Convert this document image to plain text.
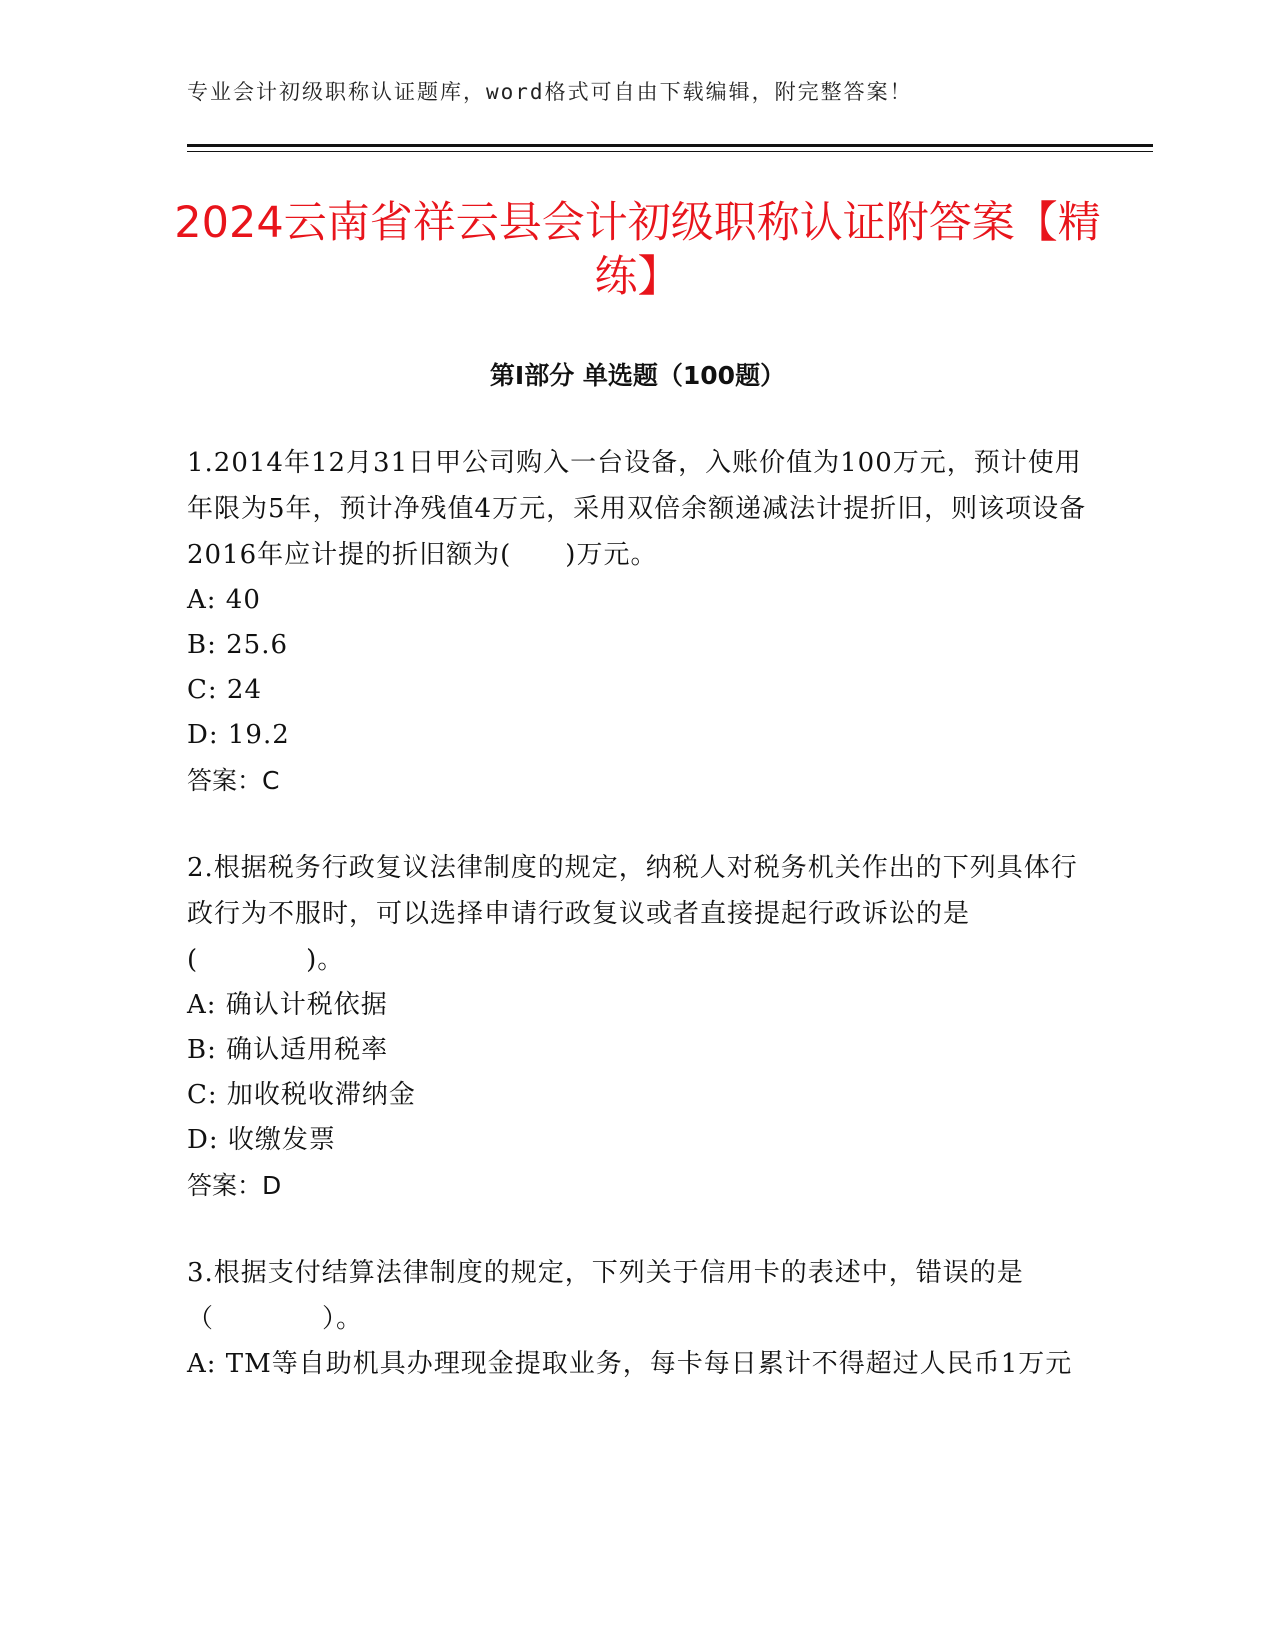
专业会计初级职称认证题库，word格式可自由下载编辑，附完整答案！
2024云南省祥云县会计初级职称认证附答案【精练】
第Ⅰ部分 单选题（100题）

1.2014年12月31日甲公司购入一台设备，入账价值为100万元，预计使用年限为5年，预计净残值4万元，采用双倍余额递减法计提折旧，则该项设备2016年应计提的折旧额为(　　)万元。

A: 40

B: 25.6

C: 24

D: 19.2

答案：C

2.根据税务行政复议法律制度的规定，纳税人对税务机关作出的下列具体行政行为不服时，可以选择申请行政复议或者直接提起行政诉讼的是(　　　　)。

A: 确认计税依据

B: 确认适用税率

C: 加收税收滞纳金

D: 收缴发票

答案：D

3.根据支付结算法律制度的规定，下列关于信用卡的表述中，错误的是（　　　　）。

A: TM等自助机具办理现金提取业务，每卡每日累计不得超过人民币1万元
